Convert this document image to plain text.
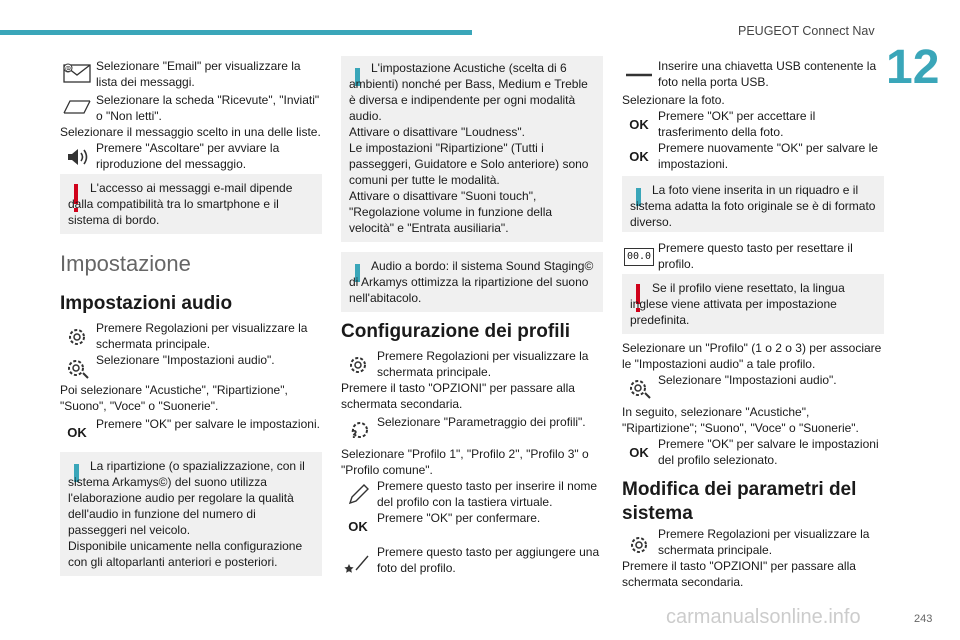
PEUGEOT Connect Nav
12
@ Selezionare "Email" per visualizzare la lista dei messaggi.
Selezionare la scheda "Ricevute", "Inviati" o "Non letti".
Selezionare il messaggio scelto in una delle liste.
Premere "Ascoltare" per avviare la riproduzione del messaggio.
L'accesso ai messaggi e-mail dipende dalla compatibilità tra lo smartphone e il sistema di bordo.
Impostazione
Impostazioni audio
Premere Regolazioni per visualizzare la schermata principale.
Selezionare "Impostazioni audio".
Poi selezionare "Acustiche", "Ripartizione", "Suono", "Voce" o "Suonerie".
OK
Premere "OK" per salvare le impostazioni.
La ripartizione (o spazializzazione, con il sistema Arkamys©) del suono utilizza l'elaborazione audio per regolare la qualità dell'audio in funzione del numero di passeggeri nel veicolo.
Disponibile unicamente nella configurazione con gli altoparlanti anteriori e posteriori.
L'impostazione Acustiche (scelta di 6 ambienti) nonché per Bass, Medium e Treble è diversa e indipendente per ogni modalità audio.
Attivare o disattivare "Loudness".
Le impostazioni "Ripartizione" (Tutti i passeggeri, Guidatore e Solo anteriore) sono comuni per tutte le modalità.
Attivare o disattivare "Suoni touch", "Regolazione volume in funzione della velocità" e "Entrata ausiliaria".
Audio a bordo: il sistema Sound Staging© di Arkamys ottimizza la ripartizione del suono nell'abitacolo.
Configurazione dei profili
Premere Regolazioni per visualizzare la schermata principale.
Premere il tasto "OPZIONI" per passare alla schermata secondaria.
?
Selezionare "Parametraggio dei profili".
Selezionare "Profilo 1", "Profilo 2", "Profilo 3" o "Profilo comune".
Premere questo tasto per inserire il nome del profilo con la tastiera virtuale.
OK
Premere "OK" per confermare.
Premere questo tasto per aggiungere una foto del profilo.
Inserire una chiavetta USB contenente la foto nella porta USB.
Selezionare la foto.
OK
Premere "OK" per accettare il trasferimento della foto.
OK
Premere nuovamente "OK" per salvare le impostazioni.
La foto viene inserita in un riquadro e il sistema adatta la foto originale se è di formato diverso.
00.0
Premere questo tasto per resettare il profilo.
Se il profilo viene resettato, la lingua inglese viene attivata per impostazione predefinita.
Selezionare un "Profilo" (1 o 2 o 3) per associare le "Impostazioni audio" a tale profilo.
Selezionare "Impostazioni audio".
In seguito, selezionare "Acustiche", "Ripartizione"; "Suono", "Voce" o "Suonerie".
OK
Premere "OK" per salvare le impostazioni del profilo selezionato.
Modifica dei parametri del sistema
Premere Regolazioni per visualizzare la schermata principale.
Premere il tasto "OPZIONI" per passare alla schermata secondaria.
carmanualsonline.info	243
